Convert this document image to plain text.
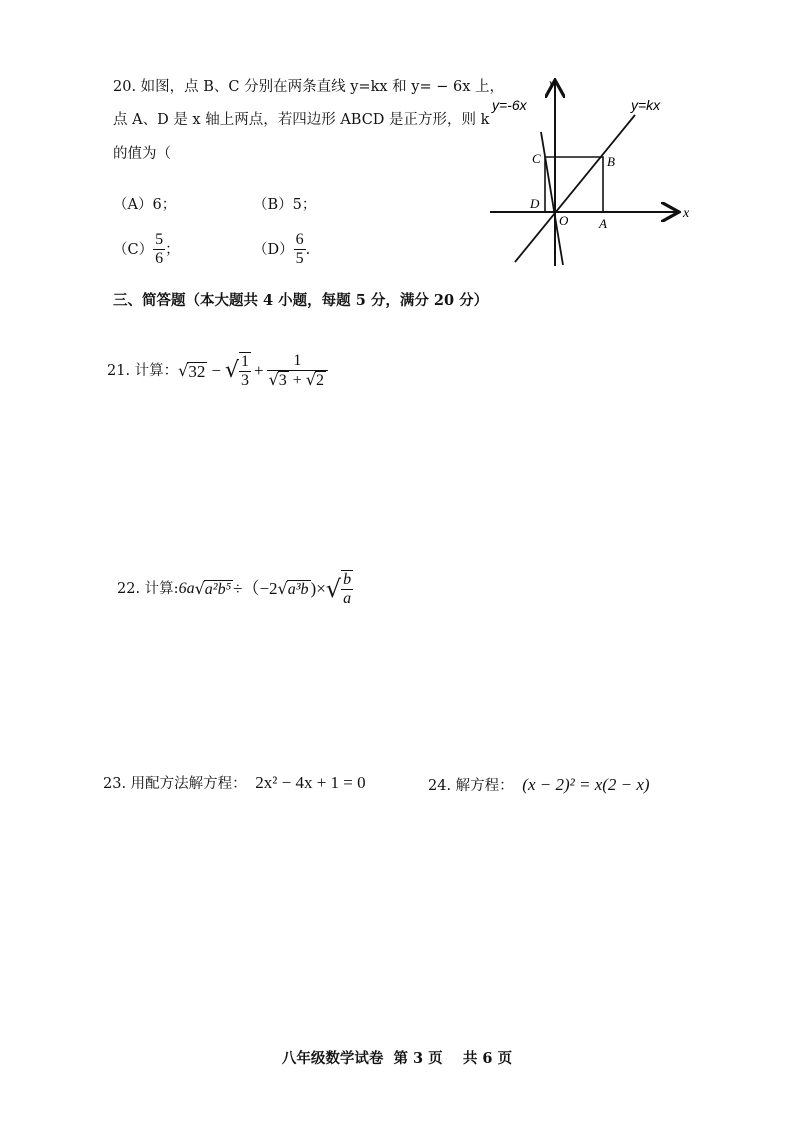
20. 如图，点 B、C 分别在两条直线 y=kx 和 y= − 6x 上，
点 A、D 是 x 轴上两点，若四边形 ABCD 是正方形，则 k
的值为（
（A）6；	（B）5；
$(C) \frac{5}{6}$ ；	$(D) \frac{6}{5}$ .
y
x
y=-6x	y=kx
C	B
D
O A
三、简答题（本大题共 4 小题，每题 5 分，满分 20 分）
21. 计算： √ 32 − √ $\frac{1}{3} + \frac{1}{√3 + √2}$
22. 计算: 6a √ a²b⁵ ÷（−2 √ a³b )× √ $\frac{b}{a}$
23. 用配方法解方程： 2x² − 4x + 1 = 0	24. 解方程： (x − 2)² = x(2 − x)
八年级数学试卷  第 3 页    共 6 页
